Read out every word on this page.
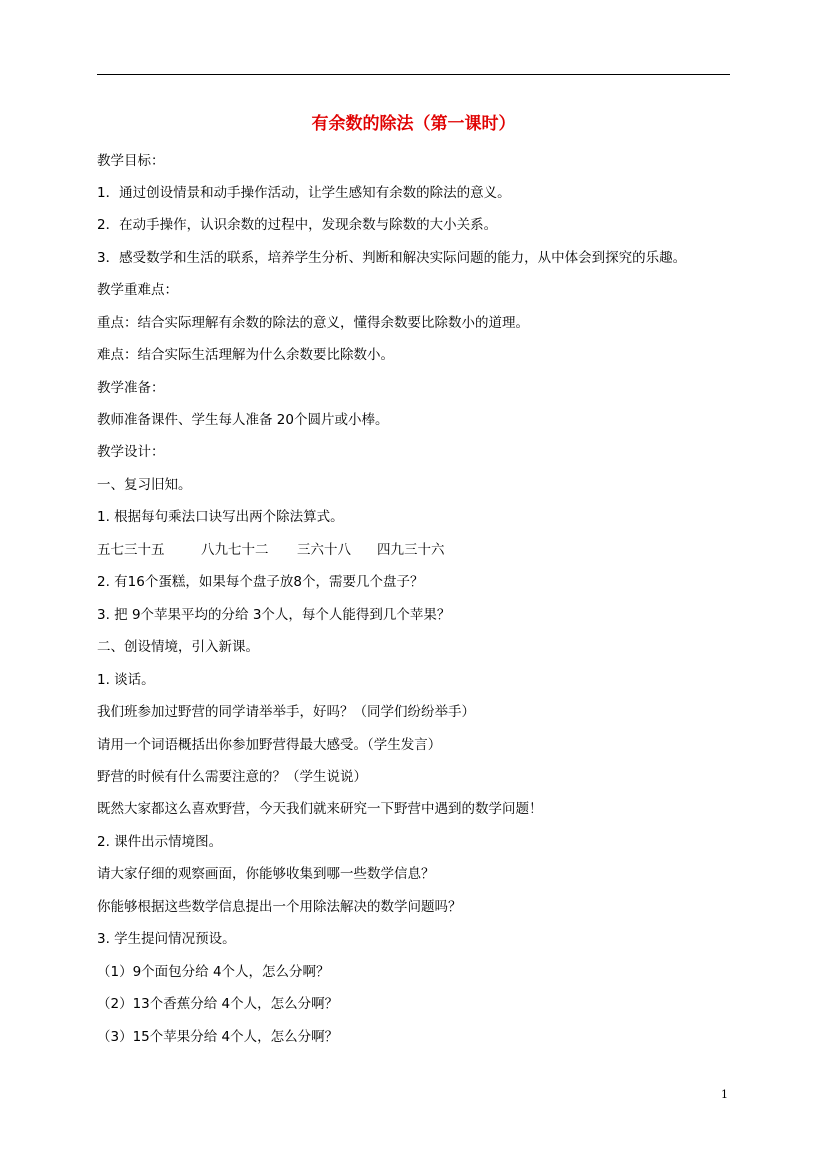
有余数的除法（第一课时）
教学目标：
1．通过创设情景和动手操作活动，让学生感知有余数的除法的意义。
2．在动手操作，认识余数的过程中，发现余数与除数的大小关系。
3．感受数学和生活的联系，培养学生分析、判断和解决实际问题的能力，从中体会到探究的乐趣。
教学重难点：
重点：结合实际理解有余数的除法的意义，懂得余数要比除数小的道理。
难点：结合实际生活理解为什么余数要比除数小。
教学准备：
教师准备课件、学生每人准备 20个圆片或小棒。
教学设计：
一、复习旧知。
1. 根据每句乘法口诀写出两个除法算式。
五七三十五	八九七十二 三六十八 四九三十六
2. 有16个蛋糕，如果每个盘子放8个，需要几个盘子？
3. 把 9个苹果平均的分给 3个人，每个人能得到几个苹果？
二、创设情境，引入新课。
1. 谈话。
我们班参加过野营的同学请举举手，好吗？（同学们纷纷举手）
请用一个词语概括出你参加野营得最大感受。（学生发言）
野营的时候有什么需要注意的？（学生说说）
既然大家都这么喜欢野营，今天我们就来研究一下野营中遇到的数学问题！
2. 课件出示情境图。
请大家仔细的观察画面，你能够收集到哪一些数学信息？
你能够根据这些数学信息提出一个用除法解决的数学问题吗？
3. 学生提问情况预设。
（1）9个面包分给 4个人，怎么分啊？
（2）13个香蕉分给 4个人，怎么分啊？
（3）15个苹果分给 4个人，怎么分啊？
1
